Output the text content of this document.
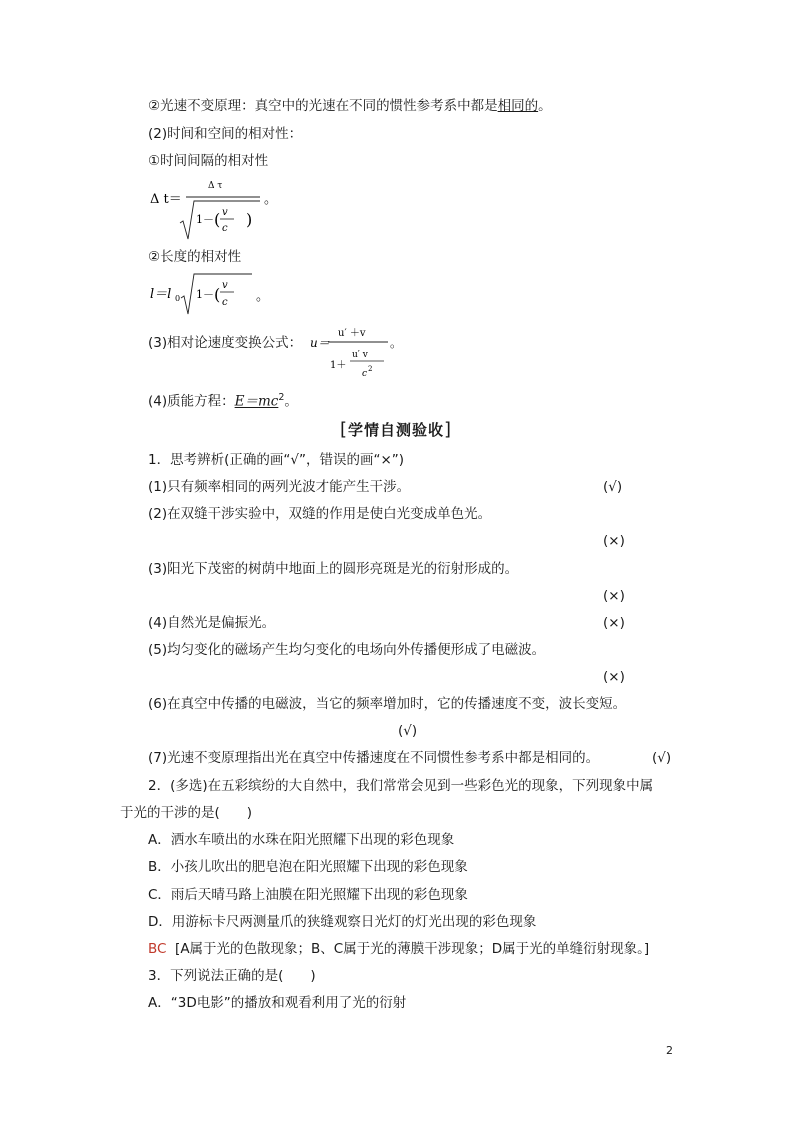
②光速不变原理：真空中的光速在不同的惯性参考系中都是相同的。
(2)时间和空间的相对性：
①时间间隔的相对性
Δ t＝
Δ τ
1－ ( v
c )
。
②长度的相对性
l＝l 0 1－ ( v
c 。
(3)相对论速度变换公式： u＝
u′ ＋v
1＋
u′ v
c 2
。
(4)质能方程：$E=mc^2$。
[学情自测验收]
1．思考辨析(正确的画“√”，错误的画“×”)
(1)只有频率相同的两列光波才能产生干涉。	(√)
(2)在双缝干涉实验中，双缝的作用是使白光变成单色光。
(×)
(3)阳光下茂密的树荫中地面上的圆形亮斑是光的衍射形成的。
(×)
(4)自然光是偏振光。	(×)
(5)均匀变化的磁场产生均匀变化的电场向外传播便形成了电磁波。
(×)
(6)在真空中传播的电磁波，当它的频率增加时，它的传播速度不变，波长变短。
(√)
(7)光速不变原理指出光在真空中传播速度在不同惯性参考系中都是相同的。	(√)
2．(多选)在五彩缤纷的大自然中，我们常常会见到一些彩色光的现象，下列现象中属
于光的干涉的是(　　)
A．洒水车喷出的水珠在阳光照耀下出现的彩色现象
B．小孩儿吹出的肥皂泡在阳光照耀下出现的彩色现象
C．雨后天晴马路上油膜在阳光照耀下出现的彩色现象
D．用游标卡尺两测量爪的狭缝观察日光灯的灯光出现的彩色现象
BC [A属于光的色散现象；B、C属于光的薄膜干涉现象；D属于光的单缝衍射现象。]
3．下列说法正确的是(　　)
A．“3D电影”的播放和观看利用了光的衍射
2
